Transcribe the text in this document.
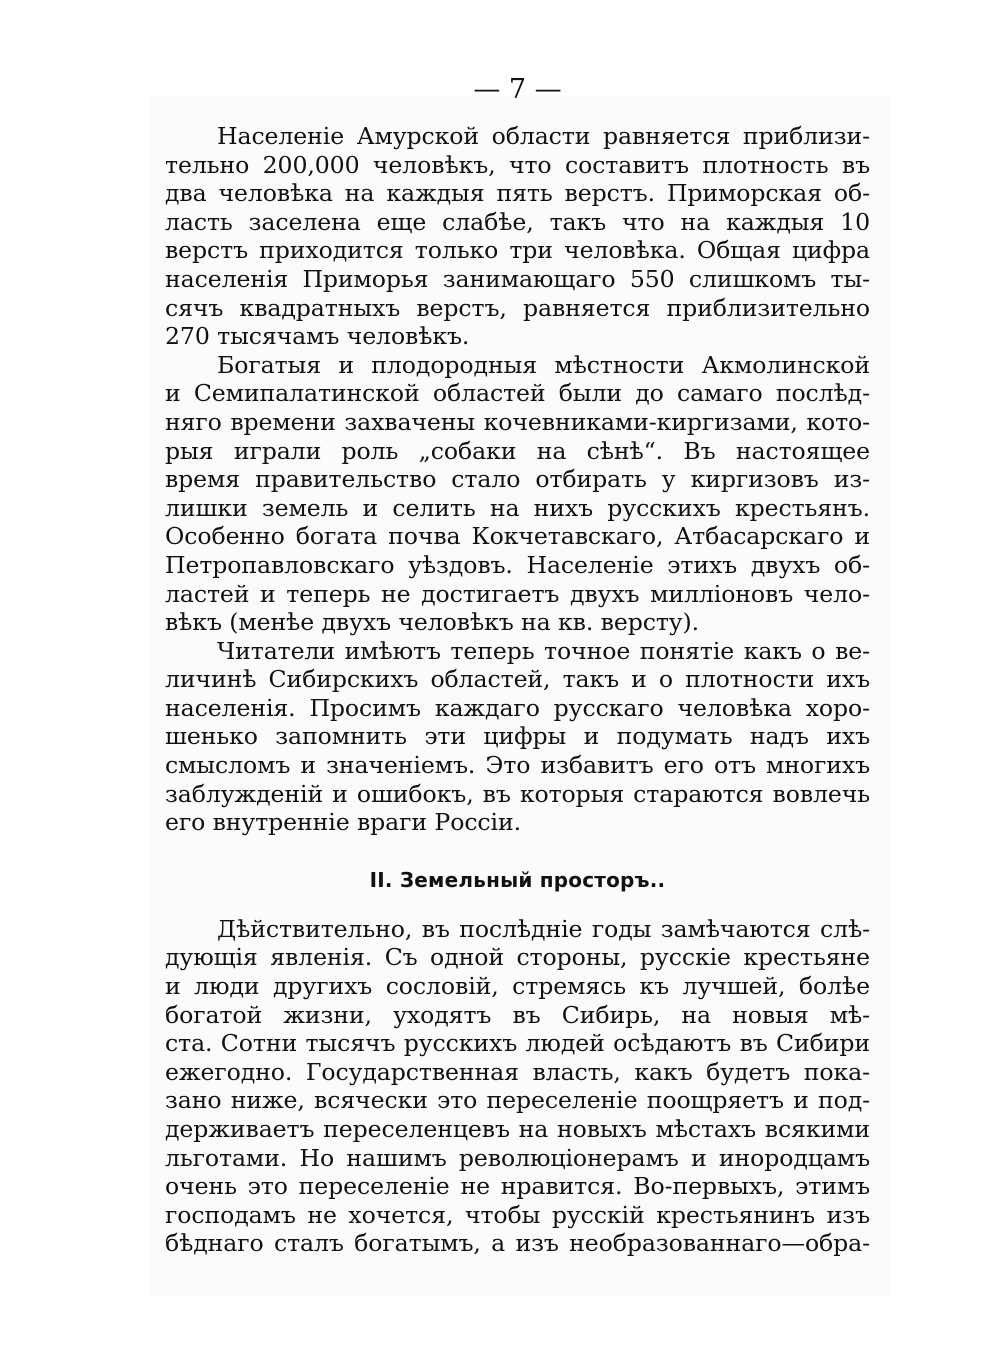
— 7 —
Населенiе Амурской области равняется приблизи-
тельно 200,000 человѣкъ, что составитъ плотность въ
два человѣка на каждыя пять верстъ. Приморская об-
ласть заселена еще слабѣе, такъ что на каждыя 10
верстъ приходится только три человѣка. Общая цифра
населенiя Приморья занимающаго 550 слишкомъ ты-
сячъ квадратныхъ верстъ, равняется приблизительно
270 тысячамъ человѣкъ.
Богатыя и плодородныя мѣстности Акмолинской
и Семипалатинской областей были до самаго послѣд-
няго времени захвачены кочевниками-киргизами, кото-
рыя играли роль „собаки на сѣнѣ“. Въ настоящее
время правительство стало отбирать у киргизовъ из-
лишки земель и селить на нихъ русскихъ крестьянъ.
Особенно богата почва Кокчетавскаго, Атбасарскаго и
Петропавловскаго уѣздовъ. Населенiе этихъ двухъ об-
ластей и теперь не достигаетъ двухъ миллiоновъ чело-
вѣкъ (менѣе двухъ человѣкъ на кв. версту).
Читатели имѣютъ теперь точное понятiе какъ о ве-
личинѣ Сибирскихъ областей, такъ и о плотности ихъ
населенiя. Просимъ каждаго русскаго человѣка хоро-
шенько запомнить эти цифры и подумать надъ ихъ
смысломъ и значенiемъ. Это избавитъ его отъ многихъ
заблужденiй и ошибокъ, въ которыя стараются вовлечь
его внутреннiе враги Россiи.
II. Земельный просторъ..
Дѣйствительно, въ послѣднiе годы замѣчаются слѣ-
дующiя явленiя. Съ одной стороны, русскiе крестьяне
и люди другихъ сословiй, стремясь къ лучшей, болѣе
богатой жизни, уходятъ въ Сибирь, на новыя мѣ-
ста. Сотни тысячъ русскихъ людей осѣдаютъ въ Сибири
ежегодно. Государственная власть, какъ будетъ пока-
зано ниже, всячески это переселенiе поощряетъ и под-
держиваетъ переселенцевъ на новыхъ мѣстахъ всякими
льготами. Но нашимъ революцiонерамъ и инородцамъ
очень это переселенiе не нравится. Во-первыхъ, этимъ
господамъ не хочется, чтобы русскiй крестьянинъ изъ
бѣднаго сталъ богатымъ, а изъ необразованнаго—обра-
